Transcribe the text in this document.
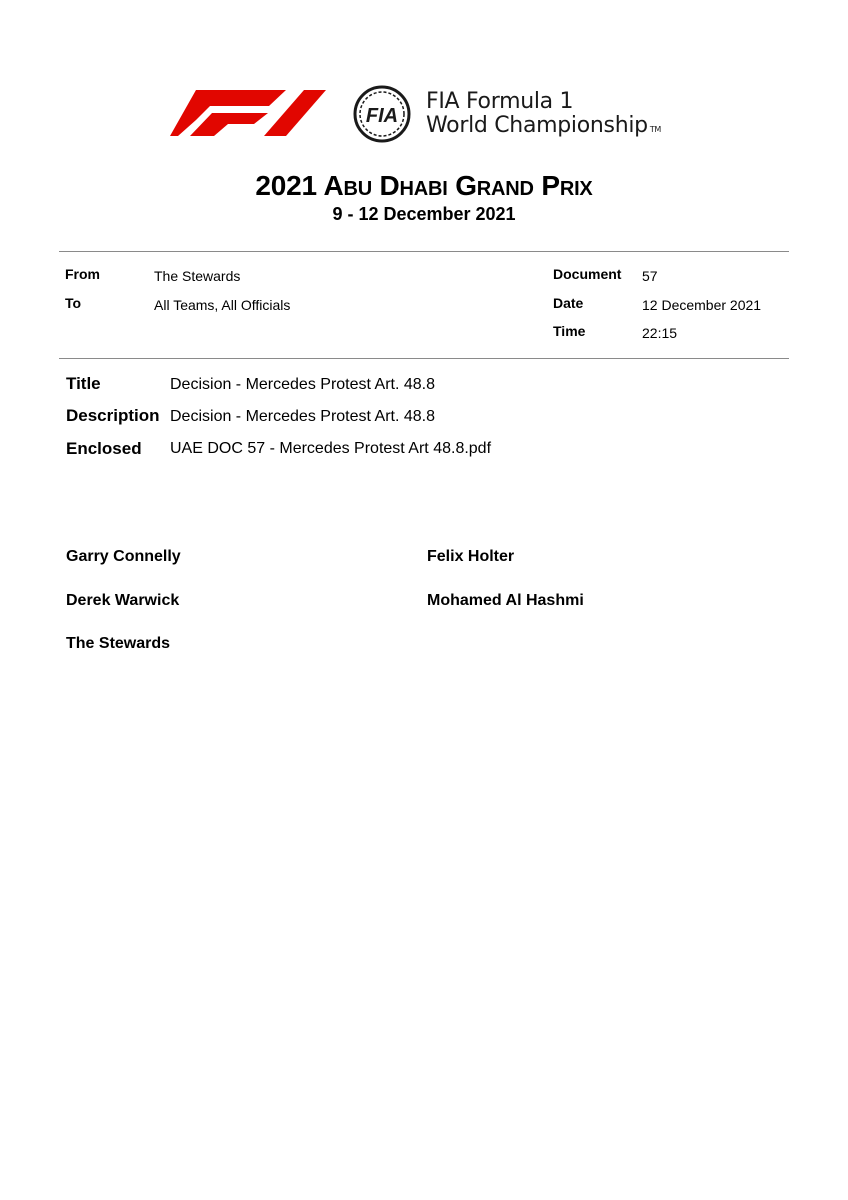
FIA
FIA Formula 1
World Championship TM
2021 Abu Dhabi Grand Prix
9 - 12 December 2021
From	The Stewards
To	All Teams, All Officials
Document 57
Date	12 December 2021
Time	22:15
Title	Decision - Mercedes Protest Art. 48.8
Description Decision - Mercedes Protest Art. 48.8
Enclosed UAE DOC 57 - Mercedes Protest Art 48.8.pdf
Garry Connelly	Felix Holter
Derek Warwick	Mohamed Al Hashmi
The Stewards
